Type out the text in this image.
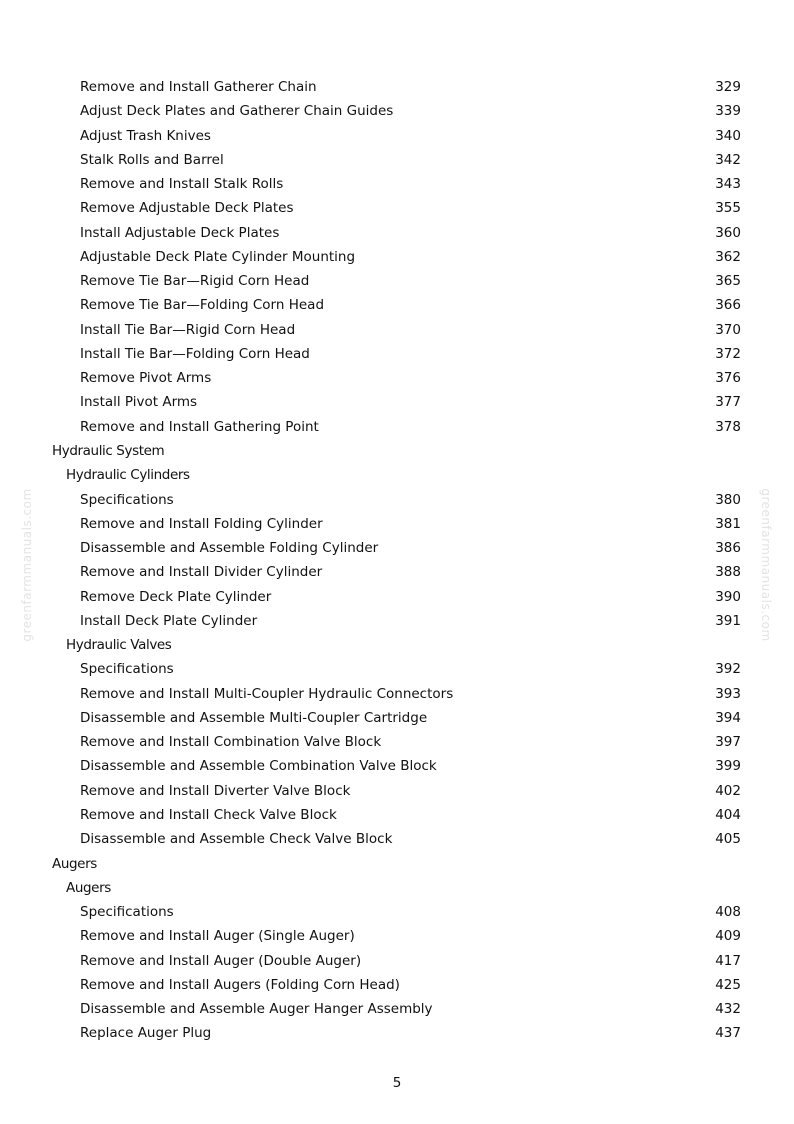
Remove and Install Gatherer Chain	329
Adjust Deck Plates and Gatherer Chain Guides	339
Adjust Trash Knives	340
Stalk Rolls and Barrel	342
Remove and Install Stalk Rolls	343
Remove Adjustable Deck Plates	355
Install Adjustable Deck Plates	360
Adjustable Deck Plate Cylinder Mounting	362
Remove Tie Bar—Rigid Corn Head	365
Remove Tie Bar—Folding Corn Head	366
Install Tie Bar—Rigid Corn Head	370
Install Tie Bar—Folding Corn Head	372
Remove Pivot Arms	376
Install Pivot Arms	377
Remove and Install Gathering Point	378
Hydraulic System
Hydraulic Cylinders
Specifications	380
Remove and Install Folding Cylinder	381
Disassemble and Assemble Folding Cylinder	386
Remove and Install Divider Cylinder	388
Remove Deck Plate Cylinder	390
Install Deck Plate Cylinder	391
Hydraulic Valves
Specifications	392
Remove and Install Multi-Coupler Hydraulic Connectors	393
Disassemble and Assemble Multi-Coupler Cartridge	394
Remove and Install Combination Valve Block	397
Disassemble and Assemble Combination Valve Block	399
Remove and Install Diverter Valve Block	402
Remove and Install Check Valve Block	404
Disassemble and Assemble Check Valve Block	405
Augers
Augers
Specifications	408
Remove and Install Auger (Single Auger)	409
Remove and Install Auger (Double Auger)	417
Remove and Install Augers (Folding Corn Head)	425
Disassemble and Assemble Auger Hanger Assembly	432
Replace Auger Plug	437
greenfarmmanuals.com	greenfarmmanuals.com
5
